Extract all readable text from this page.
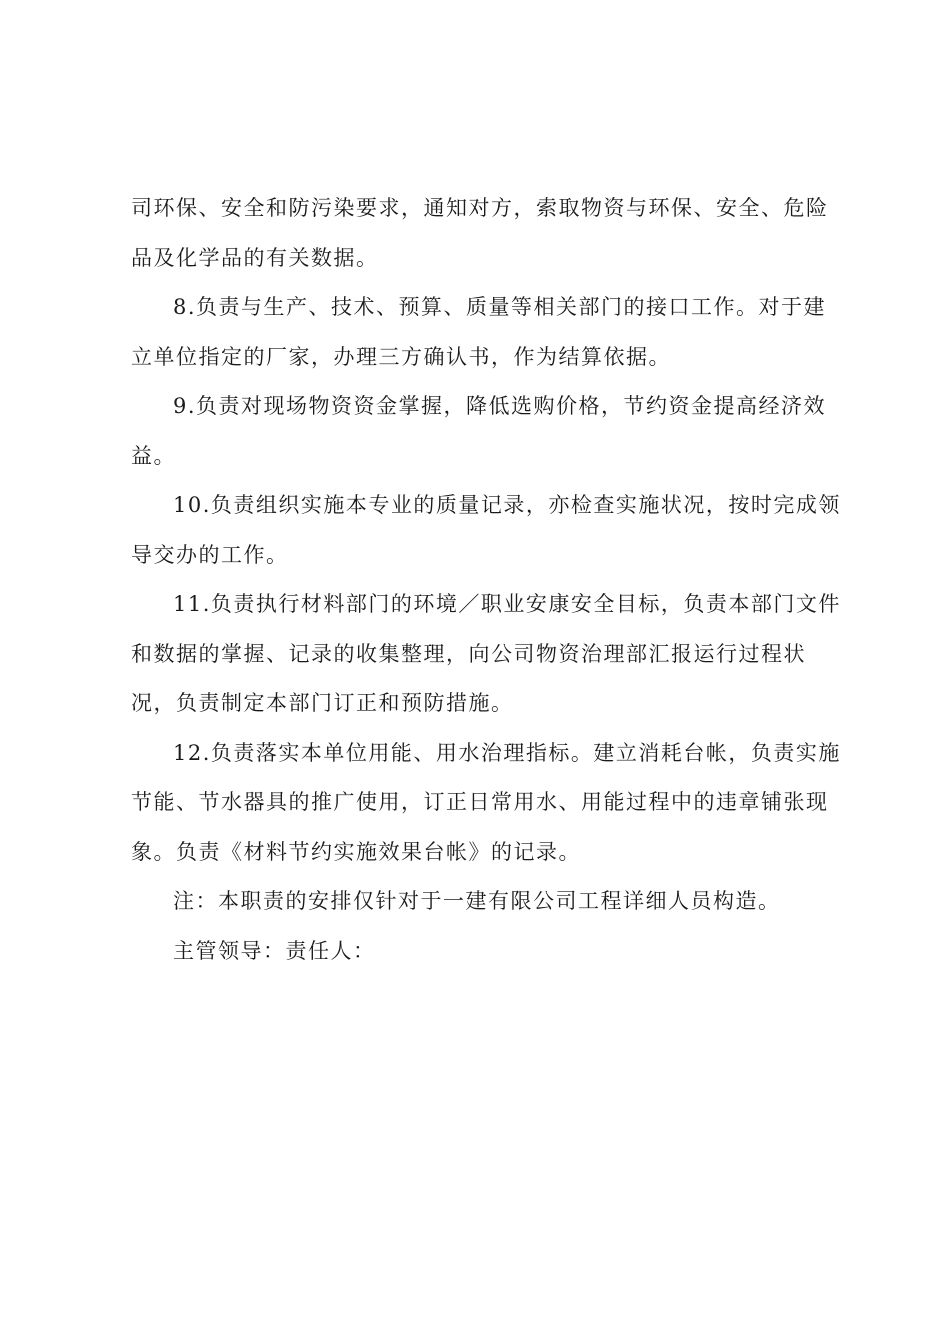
司环保、安全和防污染要求，通知对方，索取物资与环保、安全、危险
品及化学品的有关数据。
8.负责与生产、技术、预算、质量等相关部门的接口工作。对于建
立单位指定的厂家，办理三方确认书，作为结算依据。
9.负责对现场物资资金掌握，降低选购价格，节约资金提高经济效
益。
10.负责组织实施本专业的质量记录，亦检查实施状况，按时完成领
导交办的工作。
11.负责执行材料部门的环境／职业安康安全目标，负责本部门文件
和数据的掌握、记录的收集整理，向公司物资治理部汇报运行过程状
况，负责制定本部门订正和预防措施。
12.负责落实本单位用能、用水治理指标。建立消耗台帐，负责实施
节能、节水器具的推广使用，订正日常用水、用能过程中的违章铺张现
象。负责《材料节约实施效果台帐》的记录。
注：本职责的安排仅针对于一建有限公司工程详细人员构造。
主管领导：责任人：
